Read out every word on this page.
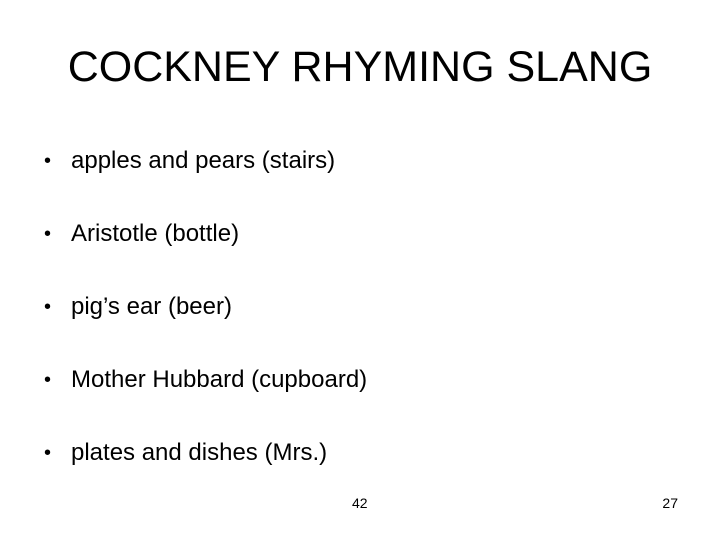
COCKNEY RHYMING SLANG
• apples and pears (stairs)
• Aristotle (bottle)
• pig’s ear (beer)
• Mother Hubbard (cupboard)
• plates and dishes (Mrs.)
42	27
